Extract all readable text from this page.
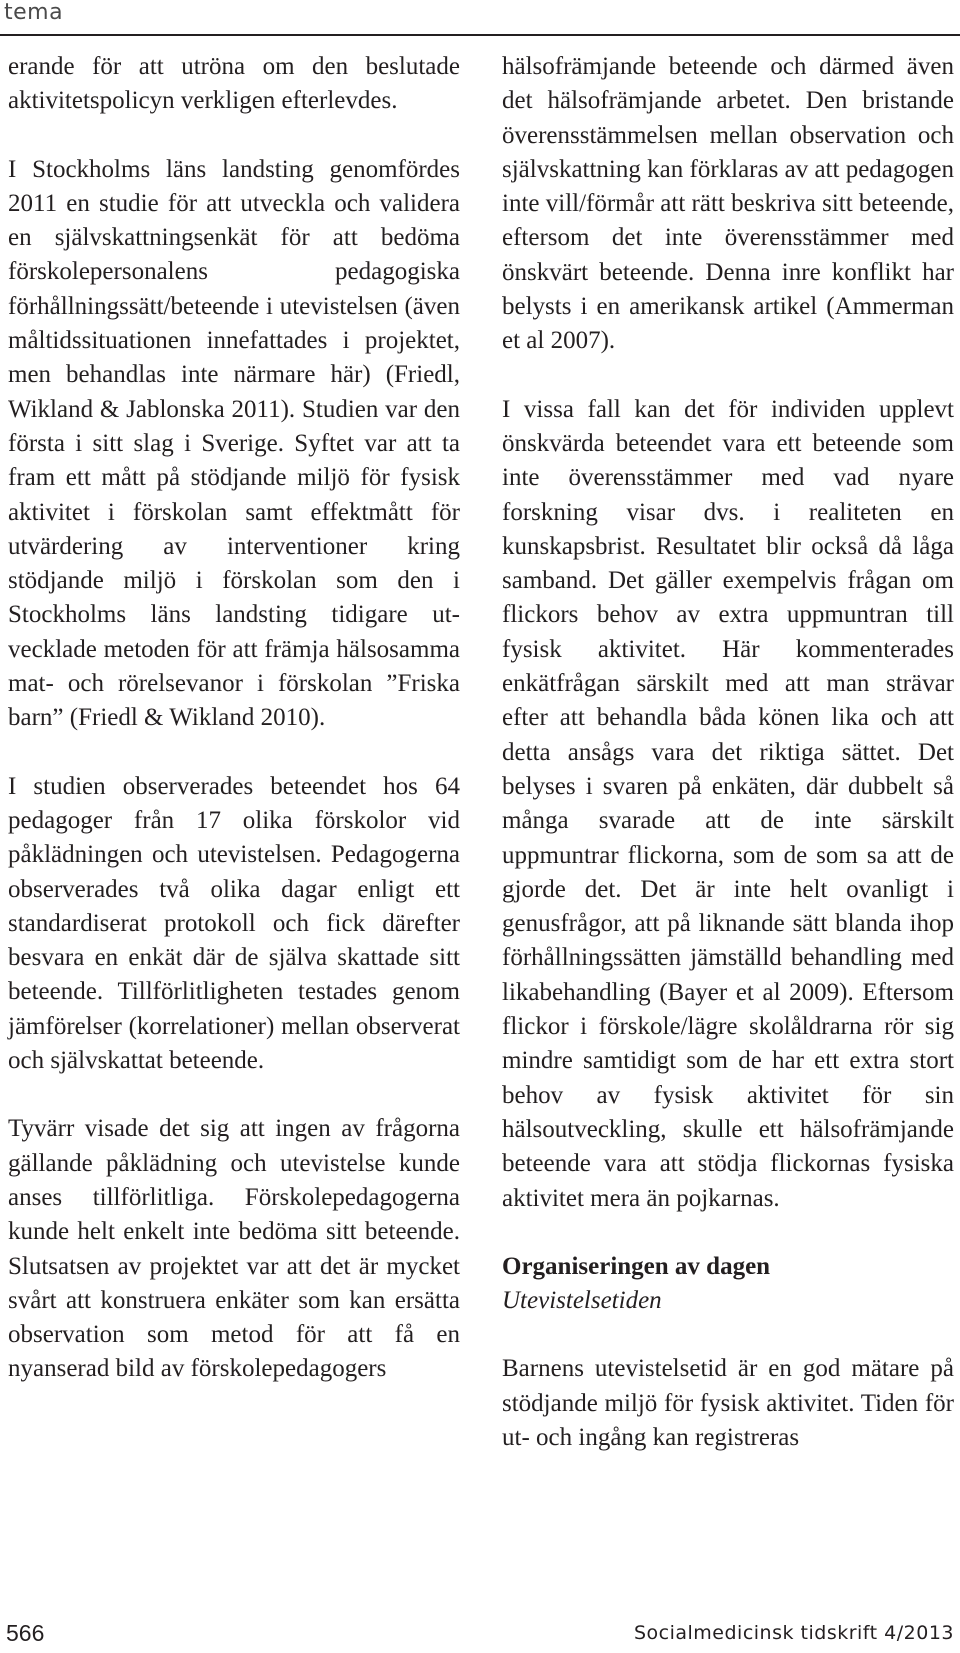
tema

erande för att utröna om den beslutade aktivitetspolicyn verkligen efterlevdes.

I Stockholms läns landsting genomfördes 2011 en studie för att utveckla och validera en självskattningsenkät för att bedöma förskolepersonalens pedagogiska förhållningssätt/beteende i utevistelsen (även måltidssituationen innefattades i projektet, men behandlas inte närmare här) (Friedl, Wikland & Jablonska 2011). Studien var den första i sitt slag i Sverige. Syftet var att ta fram ett mått på stödjande miljö för fysisk aktivitet i förskolan samt effektmått för utvärdering av interventioner kring stödjande miljö i förskolan som den i Stockholms läns landsting tidigare utvecklade metoden för att främja hälsosamma mat- och rörelsevanor i förskolan ”Friska barn” (Friedl & Wikland 2010).

I studien observerades beteendet hos 64 pedagoger från 17 olika förskolor vid påklädningen och utevistelsen. Pedagogerna observerades två olika dagar enligt ett standardiserat protokoll och fick därefter besvara en enkät där de själva skattade sitt beteende. Tillförlitligheten testades genom jämförelser (korrelationer) mellan observerat och självskattat beteende.

Tyvärr visade det sig att ingen av frågorna gällande påklädning och utevistelse kunde anses tillförlitliga. Förskolepedagogerna kunde helt enkelt inte bedöma sitt beteende. Slutsatsen av projektet var att det är mycket svårt att konstruera enkäter som kan ersätta observation som metod för att få en nyanserad bild av förskolepedagogers

hälsofrämjande beteende och därmed även det hälsofrämjande arbetet. Den bristande överensstämmelsen mellan observation och självskattning kan förklaras av att pedagogen inte vill/förmår att rätt beskriva sitt beteende, eftersom det inte överensstämmer med önskvärt beteende. Denna inre konflikt har belysts i en amerikansk artikel (Ammerman et al 2007).

I vissa fall kan det för individen upplevt önskvärda beteendet vara ett beteende som inte överensstämmer med vad nyare forskning visar dvs. i realiteten en kunskapsbrist. Resultatet blir också då låga samband. Det gäller exempelvis frågan om flickors behov av extra uppmuntran till fysisk aktivitet. Här kommenterades enkätfrågan särskilt med att man strävar efter att behandla båda könen lika och att detta ansågs vara det riktiga sättet. Det belyses i svaren på enkäten, där dubbelt så många svarade att de inte särskilt uppmuntrar flickorna, som de som sa att de gjorde det. Det är inte helt ovanligt i genusfrågor, att på liknande sätt blanda ihop förhållningssätten jämställd behandling med likabehandling (Bayer et al 2009). Eftersom flickor i förskole/lägre skolåldrarna rör sig mindre samtidigt som de har ett extra stort behov av fysisk aktivitet för sin hälsoutveckling, skulle ett hälsofrämjande beteende vara att stödja flickornas fysiska aktivitet mera än pojkarnas.

Organiseringen av dagen

Utevistelsetiden

Barnens utevistelsetid är en god mätare på stödjande miljö för fysisk aktivitet. Tiden för ut- och ingång kan registreras

566	Socialmedicinsk tidskrift 4/2013
